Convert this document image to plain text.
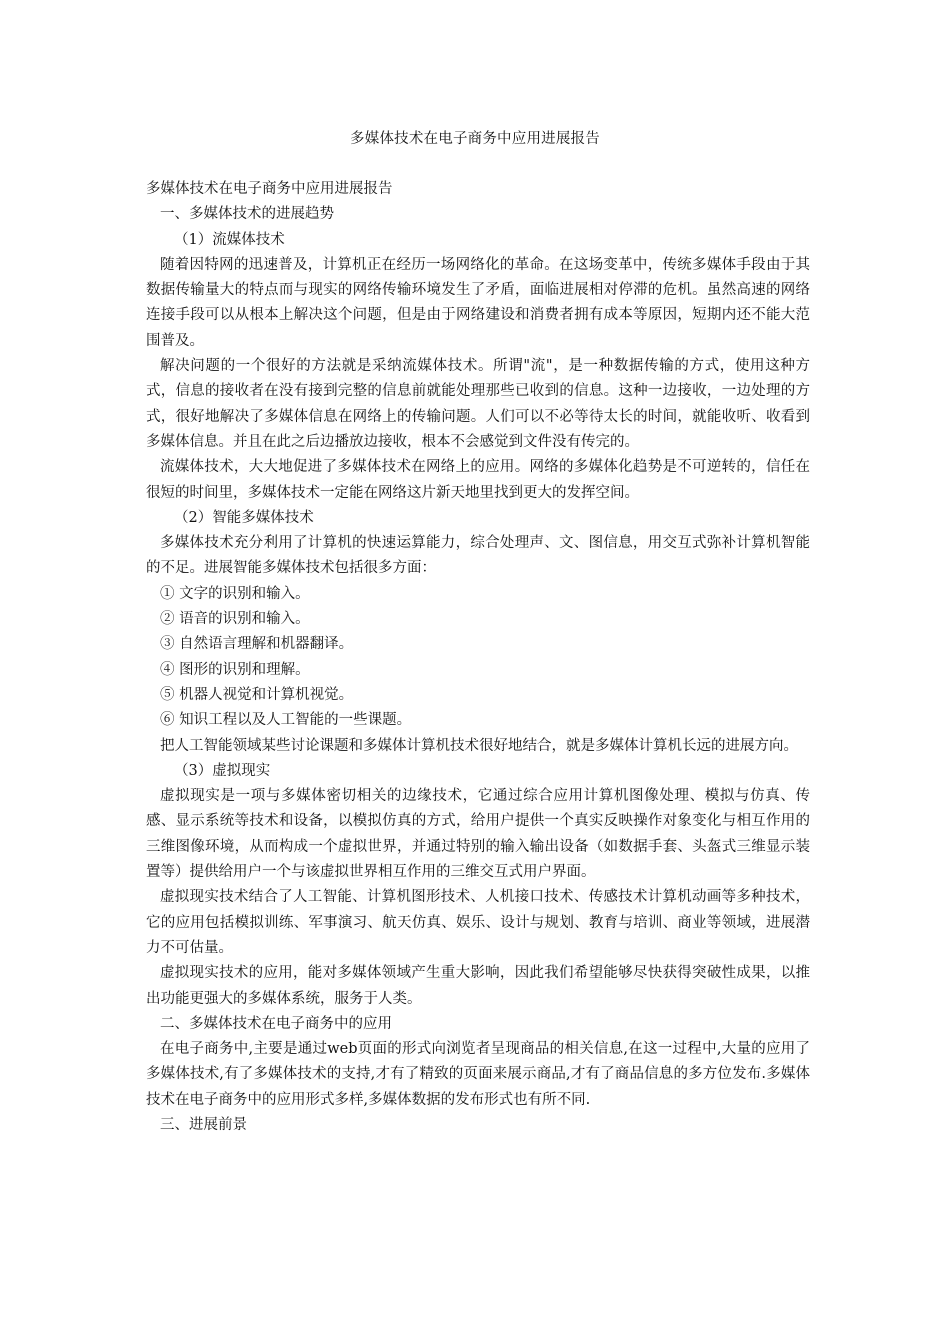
多媒体技术在电子商务中应用进展报告

多媒体技术在电子商务中应用进展报告

一、多媒体技术的进展趋势

（1）流媒体技术

随着因特网的迅速普及，计算机正在经历一场网络化的革命。在这场变革中，传统多媒体手段由于其数据传输量大的特点而与现实的网络传输环境发生了矛盾，面临进展相对停滞的危机。虽然高速的网络连接手段可以从根本上解决这个问题，但是由于网络建设和消费者拥有成本等原因，短期内还不能大范围普及。

解决问题的一个很好的方法就是采纳流媒体技术。所谓"流"，是一种数据传输的方式，使用这种方式，信息的接收者在没有接到完整的信息前就能处理那些已收到的信息。这种一边接收，一边处理的方式，很好地解决了多媒体信息在网络上的传输问题。人们可以不必等待太长的时间，就能收听、收看到多媒体信息。并且在此之后边播放边接收，根本不会感觉到文件没有传完的。

流媒体技术，大大地促进了多媒体技术在网络上的应用。网络的多媒体化趋势是不可逆转的，信任在很短的时间里，多媒体技术一定能在网络这片新天地里找到更大的发挥空间。

（2）智能多媒体技术

多媒体技术充分利用了计算机的快速运算能力，综合处理声、文、图信息，用交互式弥补计算机智能的不足。进展智能多媒体技术包括很多方面：

① 文字的识别和输入。

② 语音的识别和输入。

③ 自然语言理解和机器翻译。

④ 图形的识别和理解。

⑤ 机器人视觉和计算机视觉。

⑥ 知识工程以及人工智能的一些课题。

把人工智能领域某些讨论课题和多媒体计算机技术很好地结合，就是多媒体计算机长远的进展方向。

（3）虚拟现实

虚拟现实是一项与多媒体密切相关的边缘技术，它通过综合应用计算机图像处理、模拟与仿真、传感、显示系统等技术和设备，以模拟仿真的方式，给用户提供一个真实反映操作对象变化与相互作用的三维图像环境，从而构成一个虚拟世界，并通过特别的输入输出设备（如数据手套、头盔式三维显示装置等）提供给用户一个与该虚拟世界相互作用的三维交互式用户界面。

虚拟现实技术结合了人工智能、计算机图形技术、人机接口技术、传感技术计算机动画等多种技术，它的应用包括模拟训练、军事演习、航天仿真、娱乐、设计与规划、教育与培训、商业等领域，进展潜力不可估量。

虚拟现实技术的应用，能对多媒体领域产生重大影响，因此我们希望能够尽快获得突破性成果，以推出功能更强大的多媒体系统，服务于人类。

二、多媒体技术在电子商务中的应用

在电子商务中,主要是通过web页面的形式向浏览者呈现商品的相关信息,在这一过程中,大量的应用了多媒体技术,有了多媒体技术的支持,才有了精致的页面来展示商品,才有了商品信息的多方位发布.多媒体技术在电子商务中的应用形式多样,多媒体数据的发布形式也有所不同.

三、进展前景
